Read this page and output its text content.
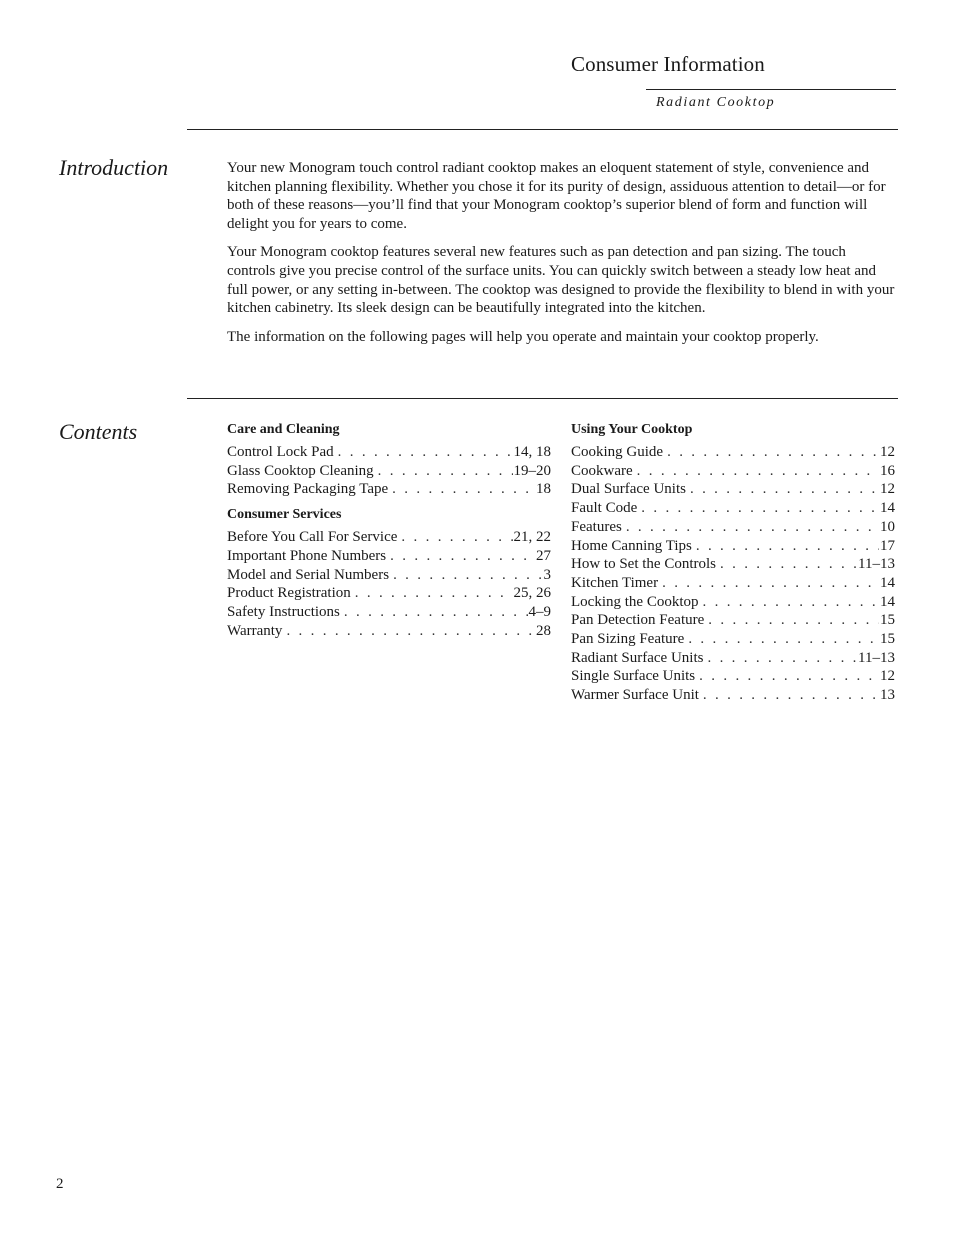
Consumer Information
Radiant Cooktop
Introduction	Your new Monogram touch control radiant cooktop makes an eloquent statement of style, convenience and kitchen planning flexibility. Whether you chose it for its purity of design, assiduous attention to detail—or for both of these reasons—you’ll find that your Monogram cooktop’s superior blend of form and function will delight you for years to come.

Your Monogram cooktop features several new features such as pan detection and pan sizing. The touch controls give you precise control of the surface units. You can quickly switch between a steady low heat and full power, or any setting in-between. The cooktop was designed to provide the flexibility to blend in with your kitchen cabinetry. Its sleek design can be beautifully integrated into the kitchen.

The information on the following pages will help you operate and maintain your cooktop properly.

Contents	Care and Cleaning
Control Lock Pad . . .	14, 18
Glass Cooktop Cleaning . . .	19–20
Removing Packaging Tape . . .	18
Consumer Services
Before You Call For Service . . .	21, 22
Important Phone Numbers . . .	27
Model and Serial Numbers . . .	3
Product Registration . . .	25, 26
Safety Instructions . . .	4–9
Warranty . . .	28
Using Your Cooktop
Cooking Guide . . .	12
Cookware . . .	16
Dual Surface Units . . .	12
Fault Code . . .	14
Features . . .	10
Home Canning Tips . . .	17
How to Set the Controls . . .	11–13
Kitchen Timer . . .	14
Locking the Cooktop . . .	14
Pan Detection Feature . . .	15
Pan Sizing Feature . . .	15
Radiant Surface Units . . .	11–13
Single Surface Units . . .	12
Warmer Surface Unit . . .	13
2
